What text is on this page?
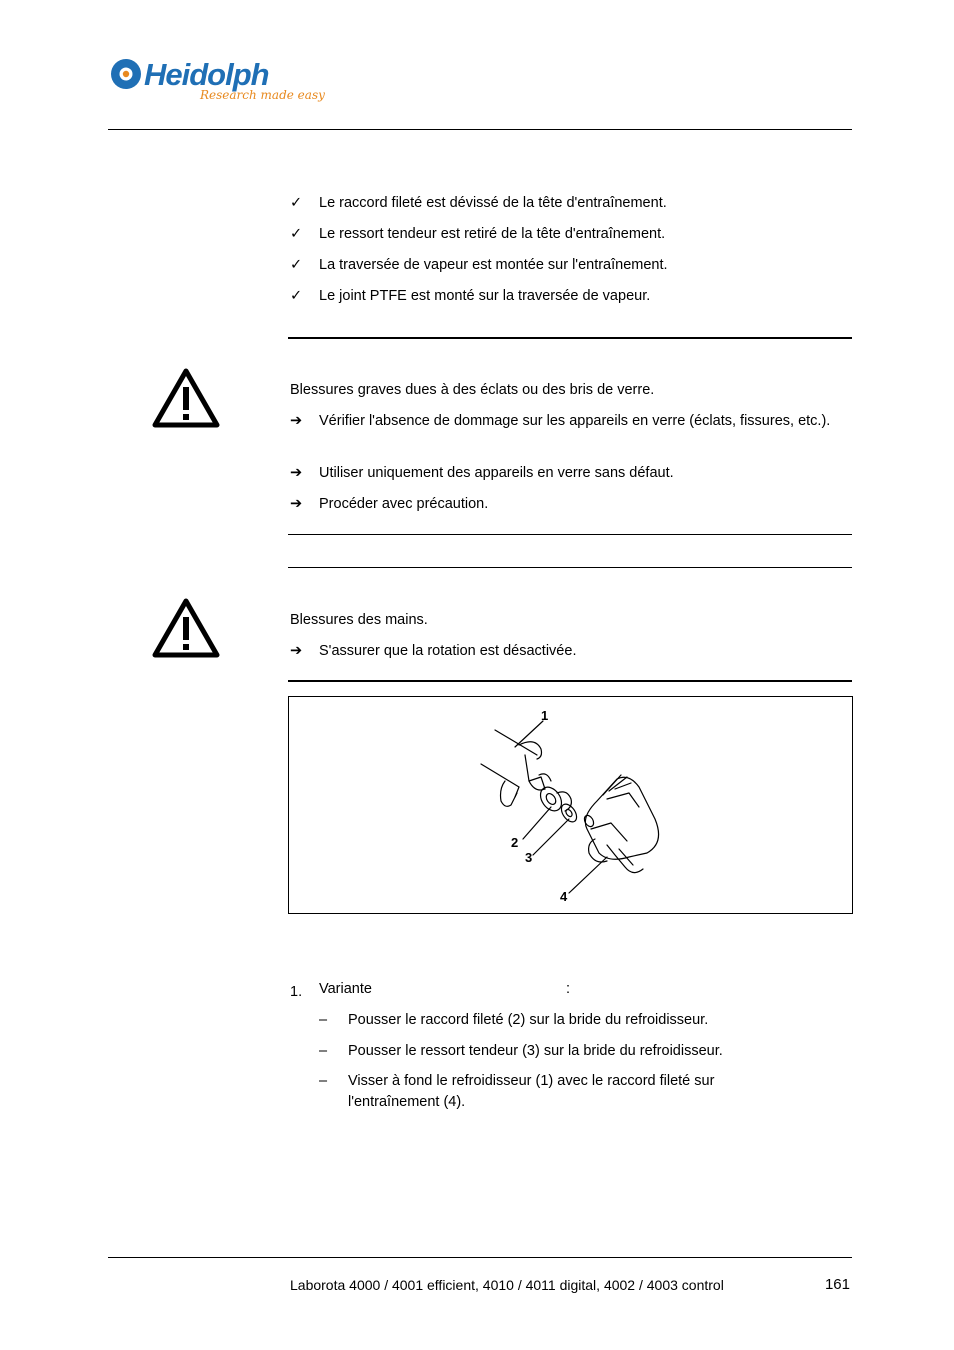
Heidolph
Research made easy
✓	Le raccord fileté est dévissé de la tête d'entraînement.
✓	Le ressort tendeur est retiré de la tête d'entraînement.
✓	La traversée de vapeur est montée sur l'entraînement.
✓	Le joint PTFE est monté sur la traversée de vapeur.
Blessures graves dues à des éclats ou des bris de verre.
➔	Vérifier l'absence de dommage sur les appareils en verre (éclats, fissures, etc.).
➔	Utiliser uniquement des appareils en verre sans défaut.
➔	Procéder avec précaution.
Blessures des mains.
➔	S'assurer que la rotation est désactivée.
1
2
3
4
1.	Variante	:
–	Pousser le raccord fileté (2) sur la bride du refroidisseur.
–	Pousser le ressort tendeur (3) sur la bride du refroidisseur.
–	Visser à fond le refroidisseur (1) avec le raccord fileté sur l'entraînement (4).
Laborota 4000 / 4001 efficient, 4010 / 4011 digital, 4002 / 4003 control	161
